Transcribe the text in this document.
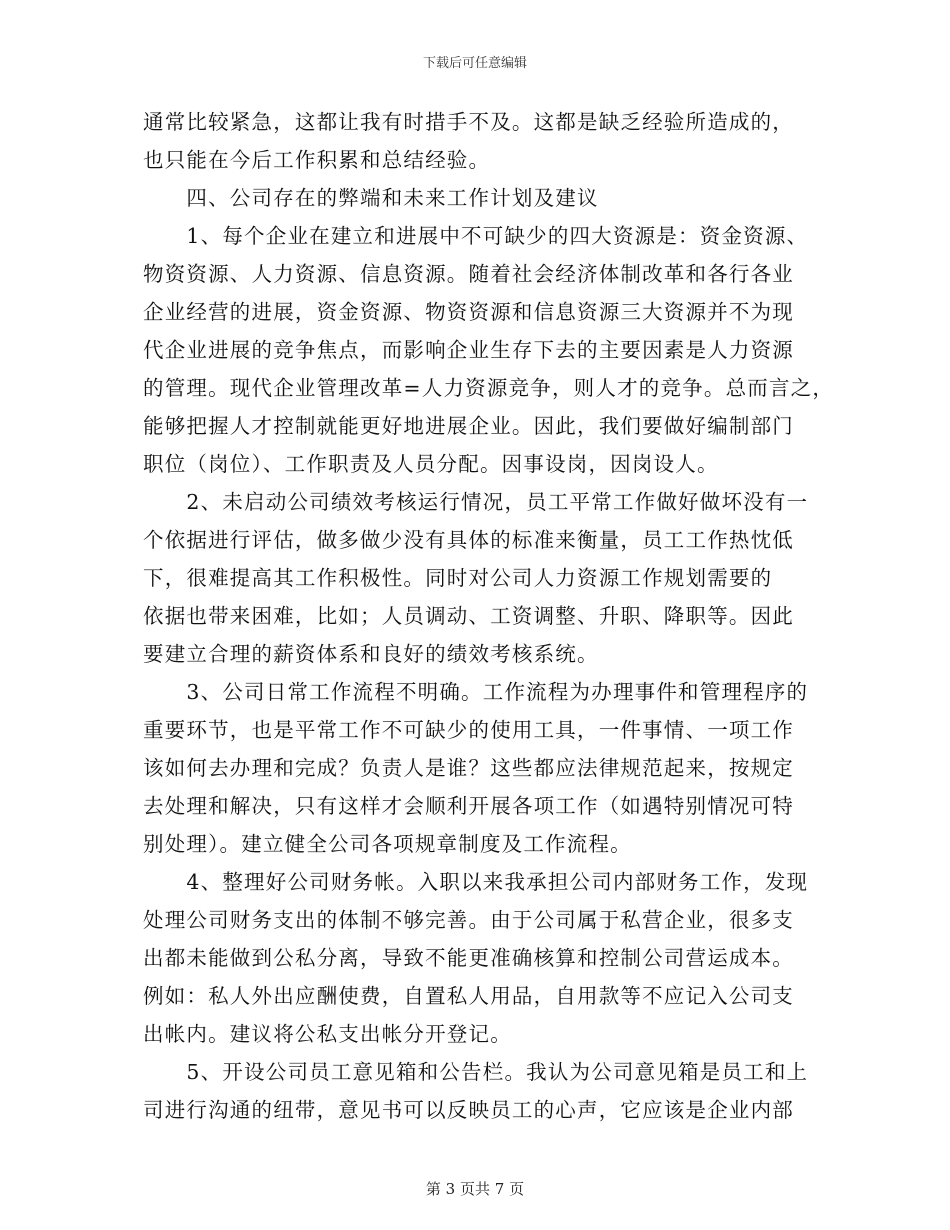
下载后可任意编辑
通常比较紧急，这都让我有时措手不及。这都是缺乏经验所造成的，
也只能在今后工作积累和总结经验。
　　四、公司存在的弊端和未来工作计划及建议
　　1、每个企业在建立和进展中不可缺少的四大资源是：资金资源、
物资资源、人力资源、信息资源。随着社会经济体制改革和各行各业
企业经营的进展，资金资源、物资资源和信息资源三大资源并不为现
代企业进展的竞争焦点，而影响企业生存下去的主要因素是人力资源
的管理。现代企业管理改革=人力资源竞争，则人才的竞争。总而言之，
能够把握人才控制就能更好地进展企业。因此，我们要做好编制部门
职位（岗位）、工作职责及人员分配。因事设岗，因岗设人。
　　2、未启动公司绩效考核运行情况，员工平常工作做好做坏没有一
个依据进行评估，做多做少没有具体的标准来衡量，员工工作热忱低
下，很难提高其工作积极性。同时对公司人力资源工作规划需要的
依据也带来困难，比如；人员调动、工资调整、升职、降职等。因此
要建立合理的薪资体系和良好的绩效考核系统。
　　3、公司日常工作流程不明确。工作流程为办理事件和管理程序的
重要环节，也是平常工作不可缺少的使用工具，一件事情、一项工作
该如何去办理和完成？负责人是谁？这些都应法律规范起来，按规定
去处理和解决，只有这样才会顺利开展各项工作（如遇特别情况可特
别处理）。建立健全公司各项规章制度及工作流程。
　　4、整理好公司财务帐。入职以来我承担公司内部财务工作，发现
处理公司财务支出的体制不够完善。由于公司属于私营企业，很多支
出都未能做到公私分离，导致不能更准确核算和控制公司营运成本。
例如：私人外出应酬使费，自置私人用品，自用款等不应记入公司支
出帐内。建议将公私支出帐分开登记。
　　5、开设公司员工意见箱和公告栏。我认为公司意见箱是员工和上
司进行沟通的纽带，意见书可以反映员工的心声，它应该是企业内部
第 3 页共 7 页
